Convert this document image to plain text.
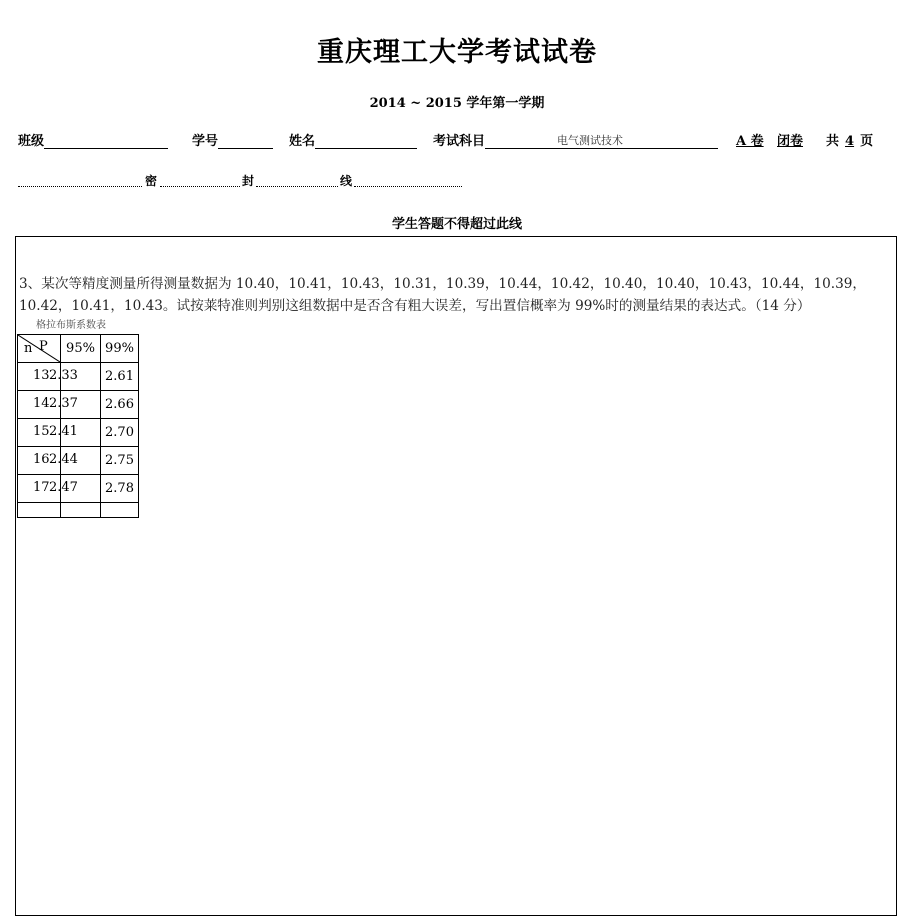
重庆理工大学考试试卷
2014 ~ 2015 学年第一学期
班级	学号	姓名	考试科目	电气测试技术	A 卷 闭卷 共 4 页
密	封	线
学生答题不得超过此线
3、某次等精度测量所得测量数据为 10.40，10.41，10.43，10.31，10.39，10.44，10.42，10.40，10.40，10.43，10.44，10.39，10.42，10.41，10.43。试按莱特准则判别这组数据中是否含有粗大误差，写出置信概率为 99%时的测量结果的表达式。（14 分）
格拉布斯系数表
n P	95%	99%

13 2.33		2.61

14 2.37		2.66

15 2.41		2.70

16 2.44		2.75

17 2.47		2.78
